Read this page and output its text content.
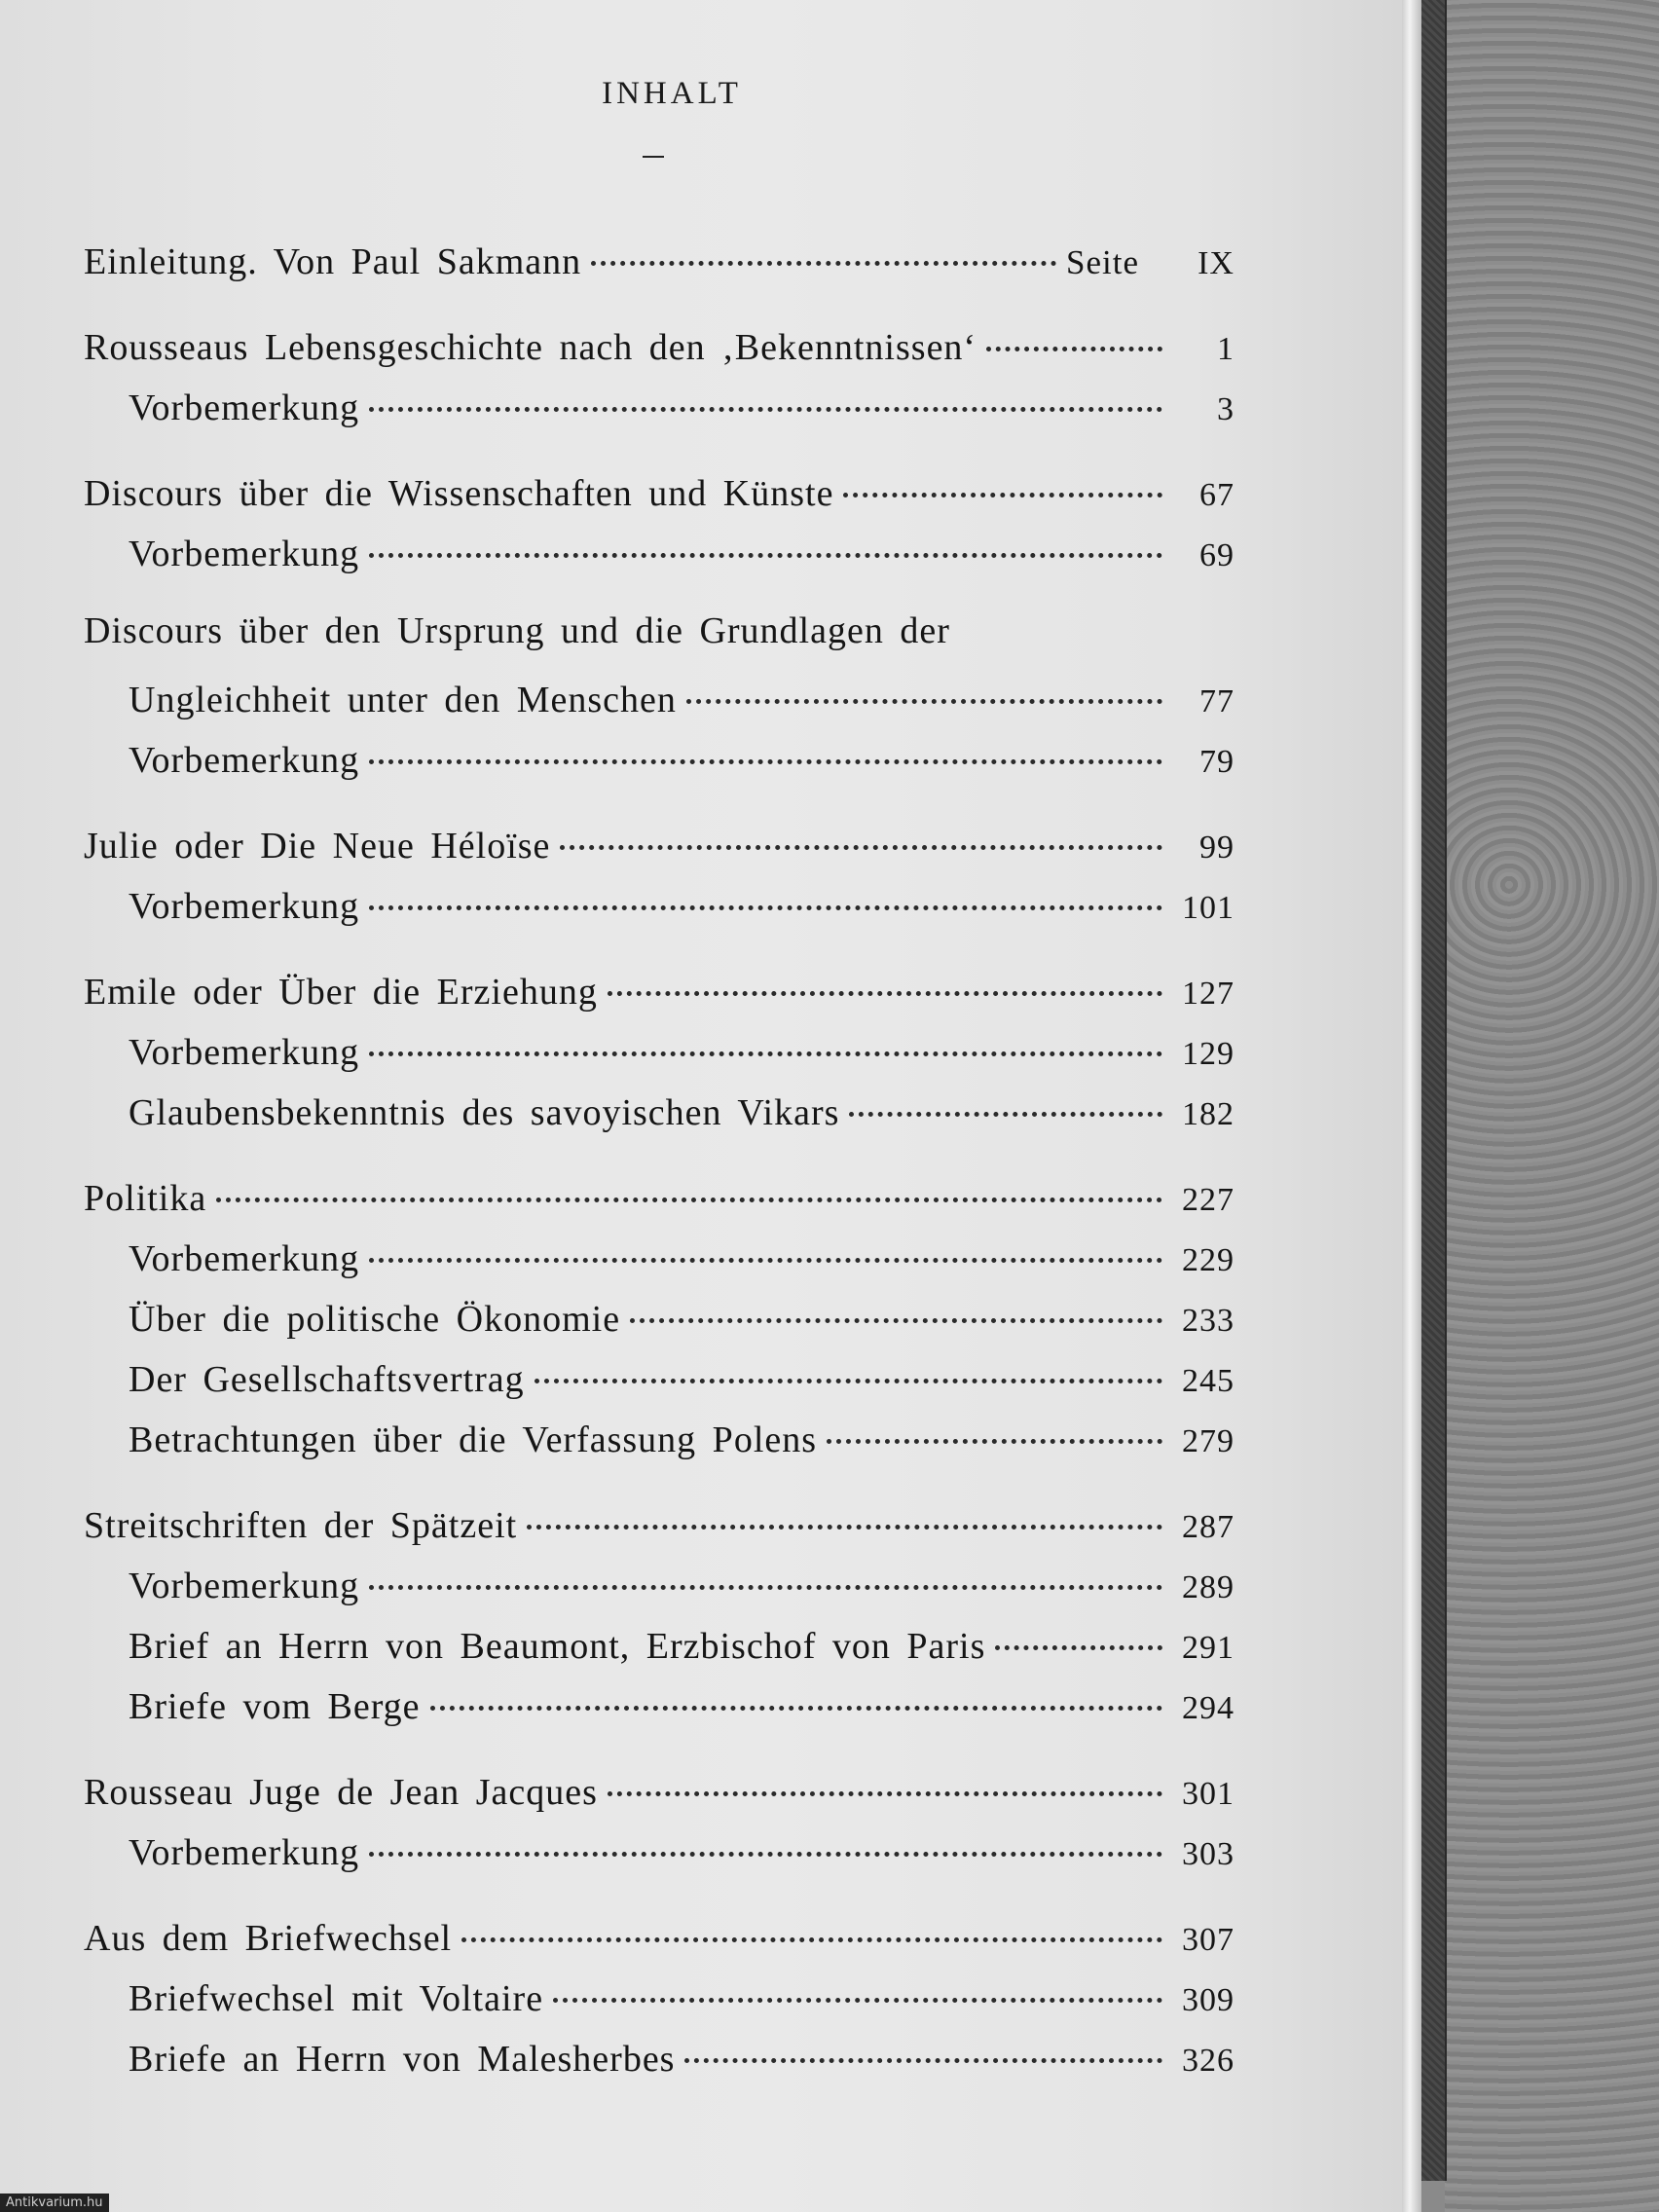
INHALT
Einleitung. Von Paul Sakmann	Seite	IX
Rousseaus Lebensgeschichte nach den ‚Bekenntnissen‘	1
Vorbemerkung	3
Discours über die Wissenschaften und Künste	67
Vorbemerkung	69
Discours über den Ursprung und die Grundlagen der
Ungleichheit unter den Menschen	77
Vorbemerkung	79
Julie oder Die Neue Héloïse	99
Vorbemerkung	101
Emile oder Über die Erziehung	127
Vorbemerkung	129
Glaubensbekenntnis des savoyischen Vikars	182
Politika	227
Vorbemerkung	229
Über die politische Ökonomie	233
Der Gesellschaftsvertrag	245
Betrachtungen über die Verfassung Polens	279
Streitschriften der Spätzeit	287
Vorbemerkung	289
Brief an Herrn von Beaumont, Erzbischof von Paris	291
Briefe vom Berge	294
Rousseau Juge de Jean Jacques	301
Vorbemerkung	303
Aus dem Briefwechsel	307
Briefwechsel mit Voltaire	309
Briefe an Herrn von Malesherbes	326
Antikvarium.hu
